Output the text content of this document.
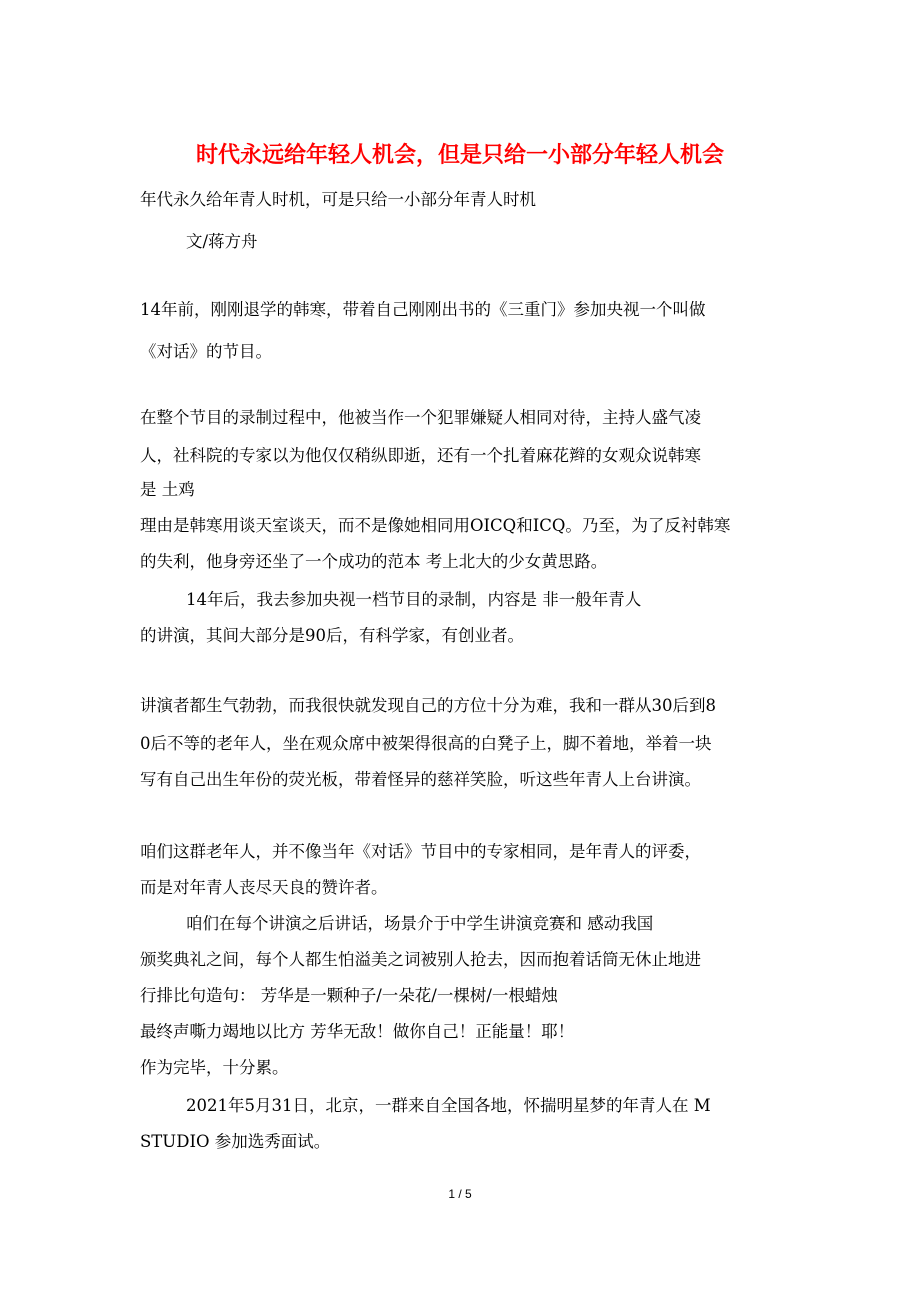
时代永远给年轻人机会，但是只给一小部分年轻人机会
年代永久给年青人时机，可是只给一小部分年青人时机
文/蒋方舟
14年前，刚刚退学的韩寒，带着自己刚刚出书的《三重门》参加央视一个叫做
《对话》的节目。
在整个节目的录制过程中，他被当作一个犯罪嫌疑人相同对待，主持人盛气凌
人，社科院的专家以为他仅仅稍纵即逝，还有一个扎着麻花辫的女观众说韩寒
是 土鸡
理由是韩寒用谈天室谈天，而不是像她相同用OICQ和ICQ。乃至，为了反衬韩寒
的失利，他身旁还坐了一个成功的范本 考上北大的少女黄思路。
14年后，我去参加央视一档节目的录制，内容是 非一般年青人
的讲演，其间大部分是90后，有科学家，有创业者。
讲演者都生气勃勃，而我很快就发现自己的方位十分为难，我和一群从30后到8
0后不等的老年人，坐在观众席中被架得很高的白凳子上，脚不着地，举着一块
写有自己出生年份的荧光板，带着怪异的慈祥笑脸，听这些年青人上台讲演。
咱们这群老年人，并不像当年《对话》节目中的专家相同，是年青人的评委，
而是对年青人丧尽天良的赞许者。
咱们在每个讲演之后讲话，场景介于中学生讲演竞赛和 感动我国
颁奖典礼之间，每个人都生怕溢美之词被别人抢去，因而抱着话筒无休止地进
行排比句造句： 芳华是一颗种子/一朵花/一棵树/一根蜡烛
最终声嘶力竭地以比方 芳华无敌！做你自己！正能量！耶！
作为完毕，十分累。
2021年5月31日，北京，一群来自全国各地，怀揣明星梦的年青人在 M
STUDIO 参加选秀面试。
1 / 5
